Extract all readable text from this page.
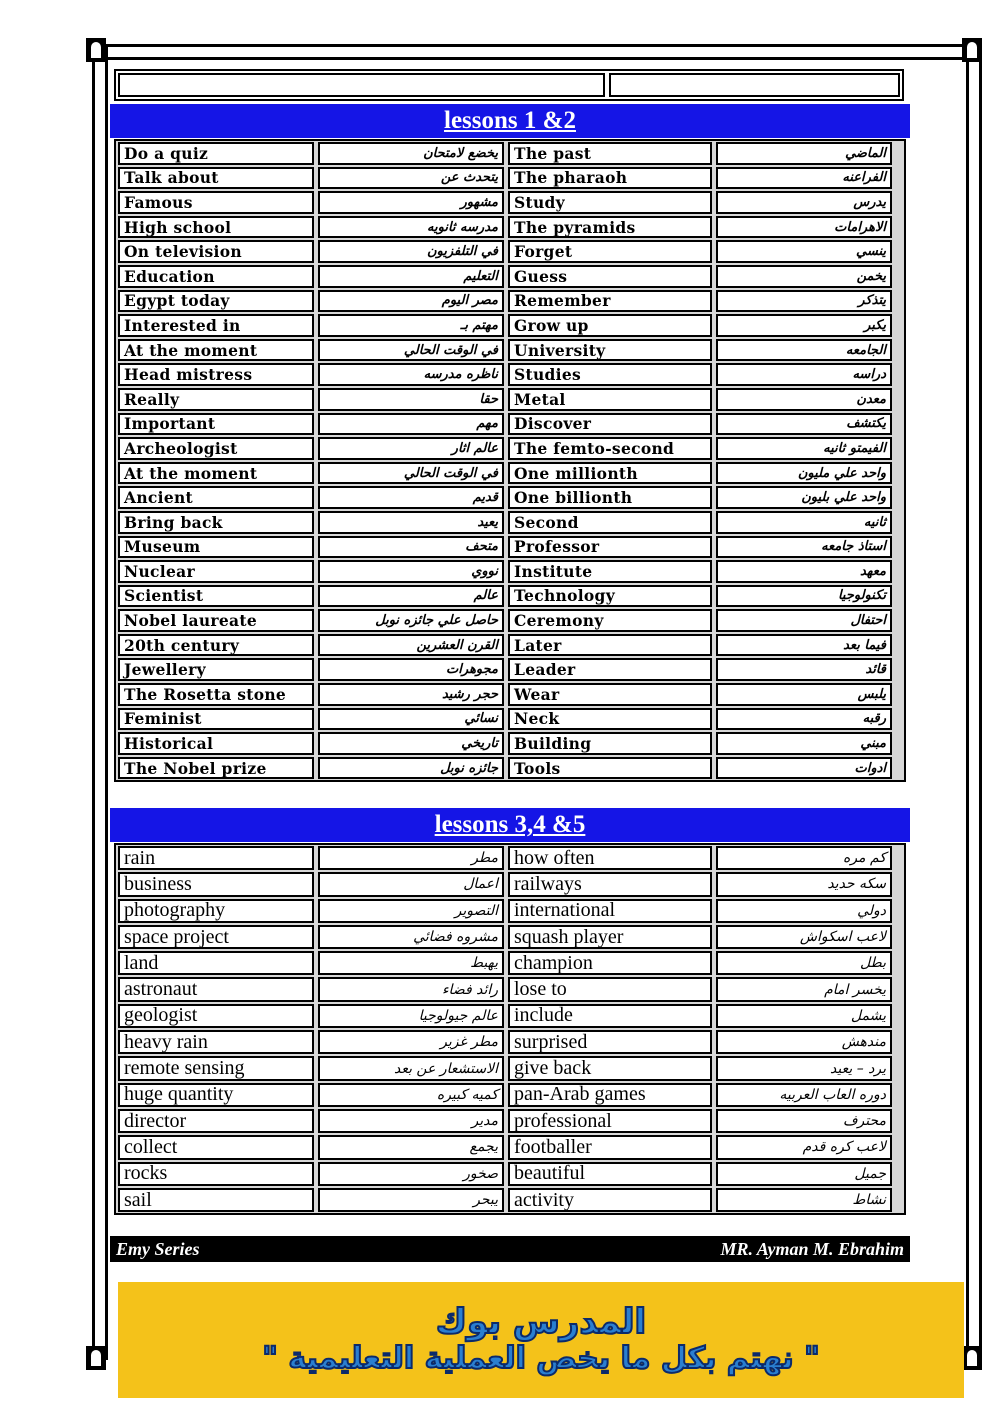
lessons 1 &2
Do a quiz	يخضع لامتحان	The past	الماضي
Talk about	يتحدث عن	The pharaoh	الفراعنه
Famous	مشهور	Study	يدرس
High school	مدرسه ثانويه	The pyramids	الاهرامات
On television	في التلفزيون	Forget	ينسي
Education	التعليم	Guess	يخمن
Egypt today	مصر اليوم	Remember	يتذكر
Interested in	مهتم بـ	Grow up	يكبر
At the moment	في الوقت الحالي	University	الجامعه
Head mistress	ناظره مدرسه	Studies	دراسه
Really	حقا	Metal	معدن
Important	مهم	Discover	يكتشف
Archeologist	عالم اثار	The femto-second	الفيمتو ثانيه
At the moment	في الوقت الحالي	One millionth	واحد علي مليون
Ancient	قديم	One billionth	واحد علي بليون
Bring back	يعيد	Second	ثانيه
Museum	متحف	Professor	استاذ جامعه
Nuclear	نووي	Institute	معهد
Scientist	عالم	Technology	تكنولوجيا
Nobel laureate	حاصل علي جائزه نوبل	Ceremony	احتفال
20th century	القرن العشرين	Later	فيما بعد
Jewellery	مجوهرات	Leader	قائد
The Rosetta stone	حجر رشيد	Wear	يلبس
Feminist	نسائي	Neck	رقبه
Historical	تاريخي	Building	مبني
The Nobel prize	جائزه نوبل	Tools	ادوات
lessons 3,4 &5
rain	مطر how often	كم مره
business	اعمال railways	سكه حديد
photography	التصوير international	دولي
space project	مشروه فضائي squash player	لاعب اسكواش
land	يهبط champion	بطل
astronaut	رائد فضاء lose to	يخسر امام
geologist	عالم جيولوجيا include	يشمل
heavy rain	مطر غزير surprised	مندهش
remote sensing	الاستشعار عن بعد give back	يرد – يعيد
huge quantity	كميه كبيره pan-Arab games	دوره العاب العربيه
director	مدير professional	محترف
collect	يجمع footballer	لاعب كره قدم
rocks	صخور beautiful	جميل
sail	يبحر activity	نشاط
Emy Series	MR. Ayman M. Ebrahim
المدرس بوك
" نهتم بكل ما يخص العملية التعليمية "
